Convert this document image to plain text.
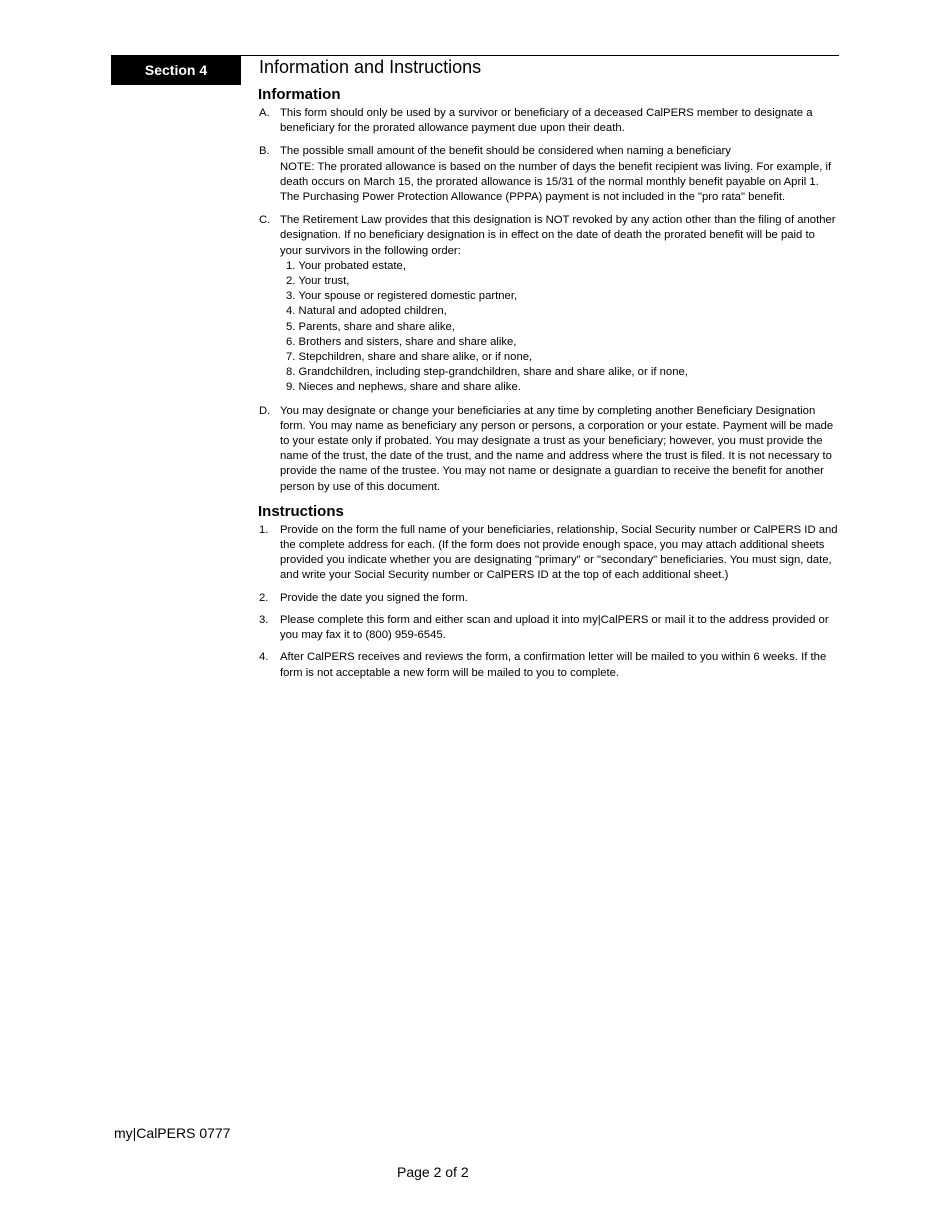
Section 4	Information and Instructions
Information
A. This form should only be used by a survivor or beneficiary of a deceased CalPERS member to designate a beneficiary for the prorated allowance payment due upon their death.

B. The possible small amount of the benefit should be considered when naming a beneficiary

NOTE: The prorated allowance is based on the number of days the benefit recipient was living. For example, if death occurs on March 15, the prorated allowance is 15/31 of the normal monthly benefit payable on April 1. The Purchasing Power Protection Allowance (PPPA) payment is not included in the "pro rata" benefit.

C. The Retirement Law provides that this designation is NOT revoked by any action other than the filing of another designation. If no beneficiary designation is in effect on the date of death the prorated benefit will be paid to your survivors in the following order:

1. Your probated estate,
2. Your trust,
3. Your spouse or registered domestic partner,
4. Natural and adopted children,
5. Parents, share and share alike,
6. Brothers and sisters, share and share alike,
7. Stepchildren, share and share alike, or if none,
8. Grandchildren, including step-grandchildren, share and share alike, or if none,
9. Nieces and nephews, share and share alike.
D. You may designate or change your beneficiaries at any time by completing another Beneficiary Designation form. You may name as beneficiary any person or persons, a corporation or your estate. Payment will be made to your estate only if probated. You may designate a trust as your beneficiary; however, you must provide the name of the trust, the date of the trust, and the name and address where the trust is filed. It is not necessary to provide the name of the trustee. You may not name or designate a guardian to receive the benefit for another person by use of this document.

Instructions
1. Provide on the form the full name of your beneficiaries, relationship, Social Security number or CalPERS ID and the complete address for each. (If the form does not provide enough space, you may attach additional sheets provided you indicate whether you are designating "primary" or "secondary" beneficiaries. You must sign, date, and write your Social Security number or CalPERS ID at the top of each additional sheet.)
2. Provide the date you signed the form.
3. Please complete this form and either scan and upload it into my|CalPERS or mail it to the address provided or you may fax it to (800) 959-6545.
4. After CalPERS receives and reviews the form, a confirmation letter will be mailed to you within 6 weeks. If the form is not acceptable a new form will be mailed to you to complete.
my|CalPERS 0777
Page 2 of 2
